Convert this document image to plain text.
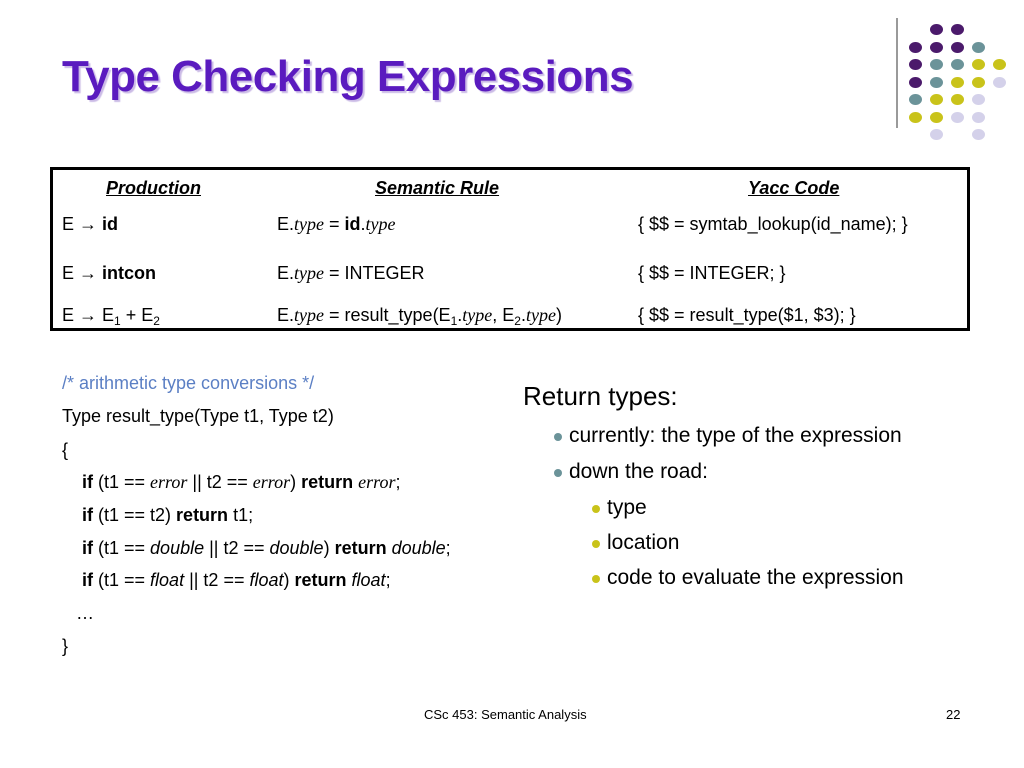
Type Checking Expressions
Production	Semantic Rule	Yacc Code
E → id	E.type = id.type	{ $$ = symtab_lookup(id_name); }
E → intcon	E.type = INTEGER	{ $$ = INTEGER; }
$E \to E_1 + E_2$	E.type = $result\_type(E_1.type$, $E_2.type$)	{ $$ = result_type($1, $3); }
/* arithmetic type conversions */
Type result_type(Type t1, Type t2)
{
if (t1 == error || t2 == error) return error;
if (t1 == t2) return t1;
if (t1 == double || t2 == double) return double;
if (t1 == float || t2 == float) return float;
…
}
Return types:
currently: the type of the expression
down the road:
type
location
code to evaluate the expression
CSc 453: Semantic Analysis	22
